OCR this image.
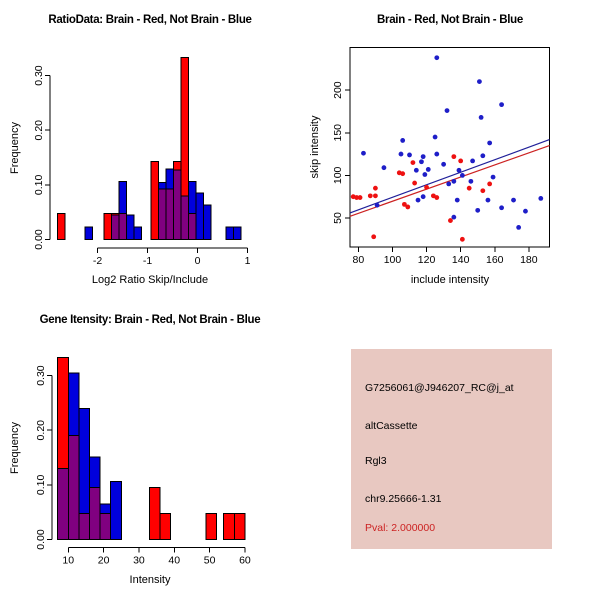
RatioData: Brain - Red, Not Brain - Blue
0.00
0.10
0.20
0.30
-2	-1	0	1
Log2 Ratio Skip/Include
Frequency
Brain - Red, Not Brain - Blue
80 100 120 140 160 180
50
100
150
200
include intensity
skip intensity
Gene Itensity: Brain - Red, Not Brain - Blue
0.00
0.10
0.20
0.30
10 20 30 40 50 60
Intensity
Frequency
G7256061@J946207_RC@j_at
altCassette
Rgl3
chr9.25666-1.31
Pval: 2.000000
